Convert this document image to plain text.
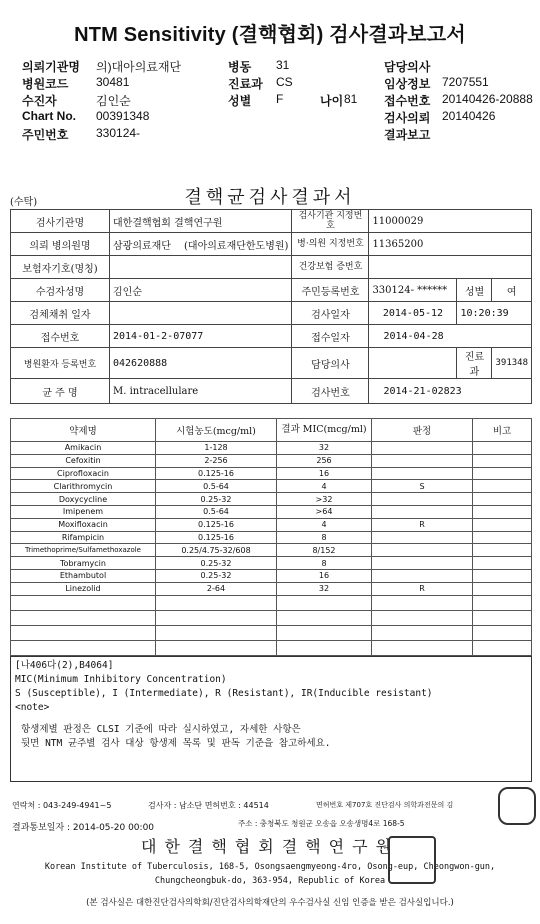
NTM Sensitivity (결핵협회) 검사결과보고서
의뢰기관명 의)대아의료재단	병동 31	담당의사
병원코드 30481	진료과 CS	임상정보 7207551
수진자	김인순	성별 F	나이 81 접수번호 20140426-20888
Chart No. 00391348	검사의뢰 20140426
주민번호 330124-	결과보고
(수탁)	결핵균검사결과서
검사기관명	대한결핵협회 결핵연구원	검사기관 지정번호	11000029		
의뢰 병의원명	삼광의료재단 (대아의료재단한도병원)	병·의원 지정번호	11365200		
보험자기호(명칭)		건강보험 증번호			
수검자성명	김인순	주민등록번호	330124- ******	성별	여
검체채취 일자		검사일자	2014-05-12	10:20:39	
접수번호	2014-01-2-07077	접수일자	2014-04-28		
병원환자 등록번호	042620888	담당의사		진료과	391348
균 주 명	M. intracellulare	검사번호	2014-21-02823		
약제명	시험농도(mcg/ml)	결과 MIC(mcg/ml)	판정	비고
Amikacin	1-128	32		
Cefoxitin	2-256	256		
Ciprofloxacin	0.125-16	16		
Clarithromycin	0.5-64	4	S	
Doxycycline	0.25-32	>32		
Imipenem	0.5-64	>64		
Moxifloxacin	0.125-16	4	R	
Rifampicin	0.125-16	8		
Trimethoprime/Sulfamethoxazole	0.25/4.75-32/608	8/152		
Tobramycin	0.25-32	8		
Ethambutol	0.25-32	16		
Linezolid	2-64	32	R	

[나406다(2),B4064]
MIC(Minimum Inhibitory Concentration)
S (Susceptible), I (Intermediate), R (Resistant), IR(Inducible resistant)
<note>
항생제별 판정은 CLSI 기준에 따라 실시하였고, 자세한 사항은
뒷면 NTM 균주별 검사 대상 항생제 목록 및 판독 기준을 참고하세요.
연락처 : 043-249-4941~5	검사자 : 남소단 면허번호 : 44514	면허번호 제707호 진단검사 의학과전문의 김
결과통보일자 : 2014-05-20 00:00	주소 : 충청북도 청원군 오송읍 오송생명4로 168-5
대한결핵협회결핵연구원
Korean Institute of Tuberculosis, 168-5, Osongsaengmyeong-4ro, Osong-eup, Cheongwon-gun,
Chungcheongbuk-do, 363-954, Republic of Korea
(본 검사실은 대한진단검사의학회/진단검사의학재단의 우수검사실 신임 인증을 받은 검사실입니다.)
